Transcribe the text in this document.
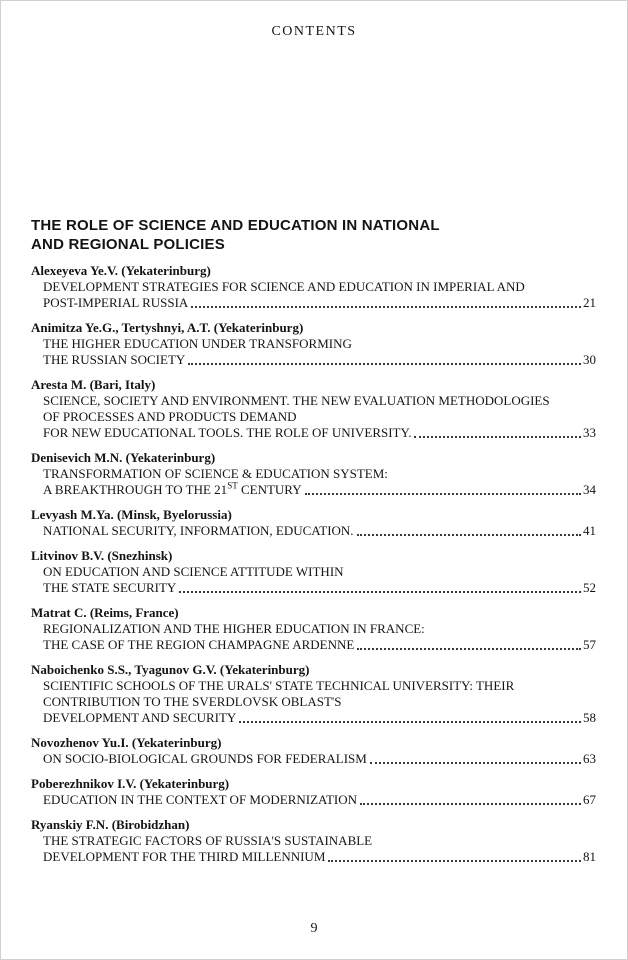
CONTENTS
THE ROLE OF SCIENCE AND EDUCATION IN NATIONAL
AND REGIONAL POLICIES
Alexeyeva Ye.V. (Yekaterinburg)
DEVELOPMENT STRATEGIES FOR SCIENCE AND EDUCATION IN IMPERIAL AND
POST-IMPERIAL RUSSIA	21
Animitza Ye.G., Tertyshnyi, A.T. (Yekaterinburg)
THE HIGHER EDUCATION UNDER TRANSFORMING
THE RUSSIAN SOCIETY	30
Aresta M. (Bari, Italy)
SCIENCE, SOCIETY AND ENVIRONMENT. THE NEW EVALUATION METHODOLOGIES
OF PROCESSES AND PRODUCTS DEMAND
FOR NEW EDUCATIONAL TOOLS. THE ROLE OF UNIVERSITY.	33
Denisevich M.N. (Yekaterinburg)
TRANSFORMATION OF SCIENCE & EDUCATION SYSTEM:
A BREAKTHROUGH TO THE 21ST CENTURY	34
Levyash M.Ya. (Minsk, Byelorussia)
NATIONAL SECURITY, INFORMATION, EDUCATION.	41
Litvinov B.V. (Snezhinsk)
ON EDUCATION AND SCIENCE ATTITUDE WITHIN
THE STATE SECURITY	52
Matrat C. (Reims, France)
REGIONALIZATION AND THE HIGHER EDUCATION IN FRANCE:
THE CASE OF THE REGION CHAMPAGNE ARDENNE	57
Naboichenko S.S., Tyagunov G.V. (Yekaterinburg)
SCIENTIFIC SCHOOLS OF THE URALS' STATE TECHNICAL UNIVERSITY: THEIR
CONTRIBUTION TO THE SVERDLOVSK OBLAST'S
DEVELOPMENT AND SECURITY	58
Novozhenov Yu.I. (Yekaterinburg)
ON SOCIO-BIOLOGICAL GROUNDS FOR FEDERALISM	63
Poberezhnikov I.V. (Yekaterinburg)
EDUCATION IN THE CONTEXT OF MODERNIZATION	67
Ryanskiy F.N. (Birobidzhan)
THE STRATEGIC FACTORS OF RUSSIA'S SUSTAINABLE
DEVELOPMENT FOR THE THIRD MILLENNIUM	81
9
